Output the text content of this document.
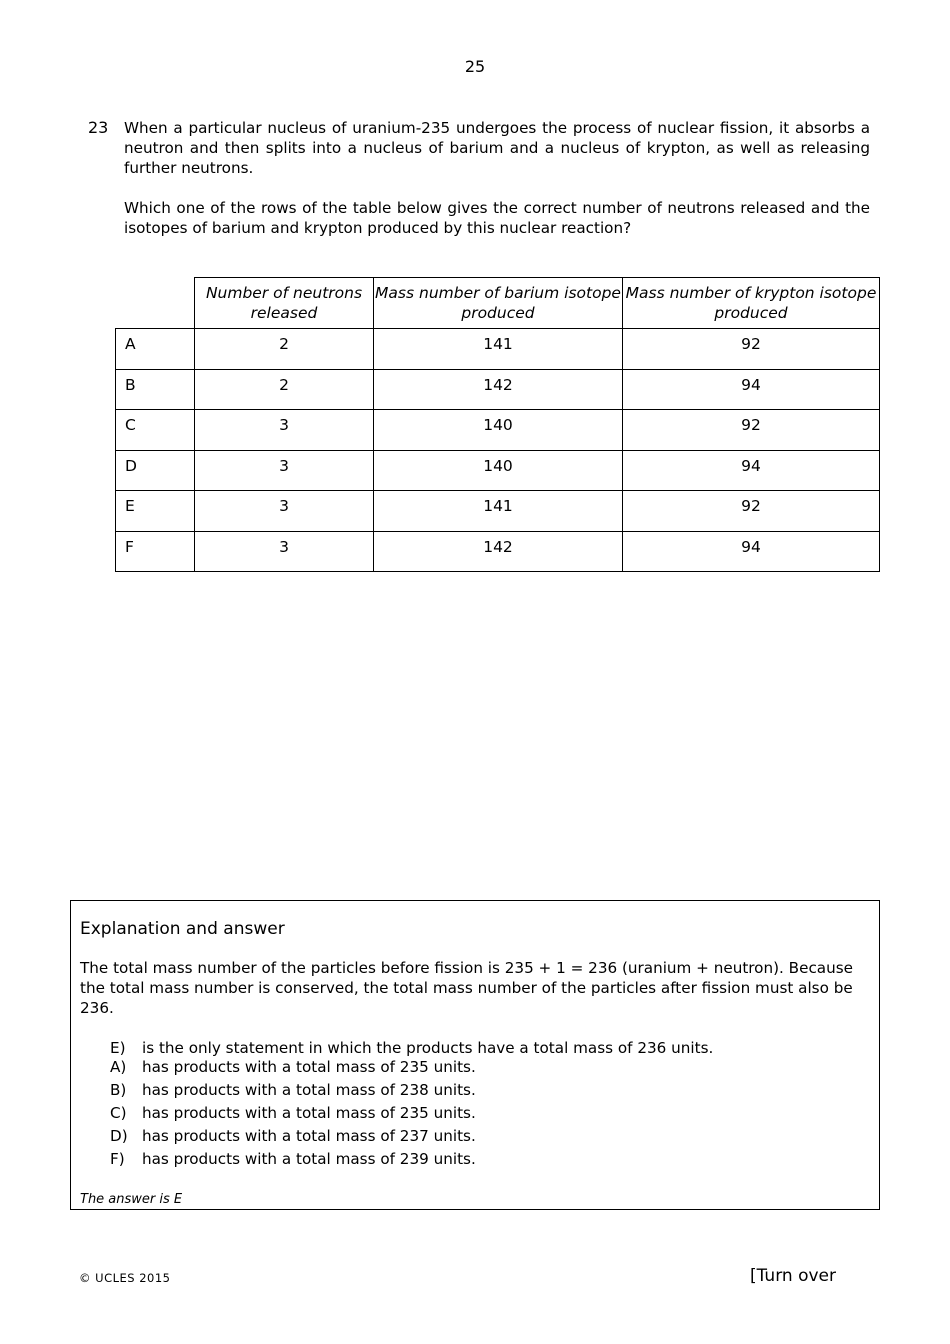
25
23 When a particular nucleus of uranium-235 undergoes the process of nuclear fission, it absorbs a neutron and then splits into a nucleus of barium and a nucleus of krypton, as well as releasing further neutrons.

Which one of the rows of the table below gives the correct number of neutrons released and the isotopes of barium and krypton produced by this nuclear reaction?

	Number of neutrons released	Mass number of barium isotope produced	Mass number of krypton isotope produced
A	2	141	92
B	2	142	94
C	3	140	92
D	3	140	94
E	3	141	92
F	3	142	94
Explanation and answer

The total mass number of the particles before fission is 235 + 1 = 236 (uranium + neutron). Because the total mass number is conserved, the total mass number of the particles after fission must also be 236.

E) is the only statement in which the products have a total mass of 236 units.
A) has products with a total mass of 235 units.
B) has products with a total mass of 238 units.
C) has products with a total mass of 235 units.
D) has products with a total mass of 237 units.
F) has products with a total mass of 239 units.
The answer is E
© UCLES 2015	[Turn over
